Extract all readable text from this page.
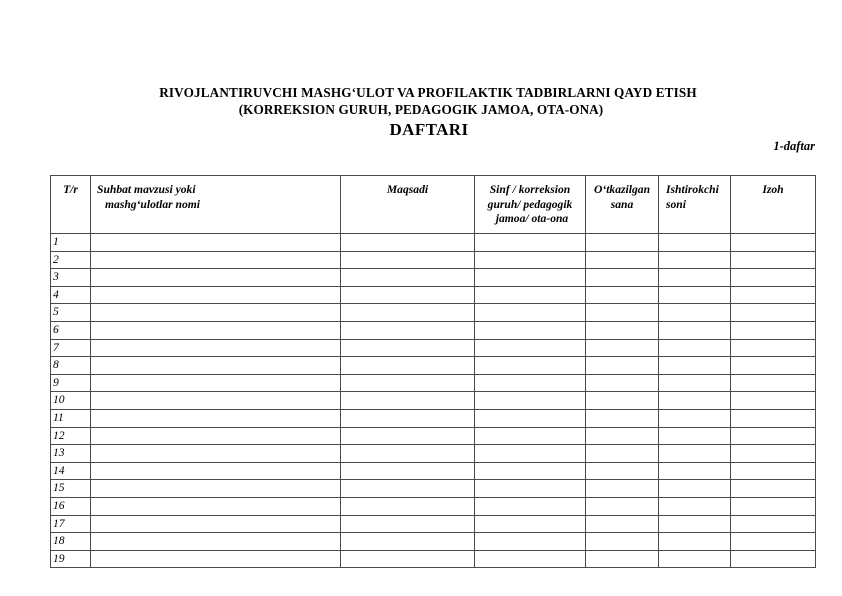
RIVOJLANTIRUVCHI MASHG‘ULOT VA PROFILAKTIK TADBIRLARNI QAYD ETISH
(KORREKSION GURUH, PEDAGOGIK JAMOA, OTA-ONA)
DAFTARI
1-daftar
T/r	Suhbat mavzusi yoki
mashg‘ulotlar nomi	Maqsadi	Sinf / korreksion
guruh/ pedagogik
jamoa/ ota-ona	O‘tkazilgan
sana	Ishtirokchi
soni	Izoh

1						

2						

3						

4						

5						

6						

7						

8						

9						

10						

11						

12						

13						

14						

15						

16						

17						

18						

19						
